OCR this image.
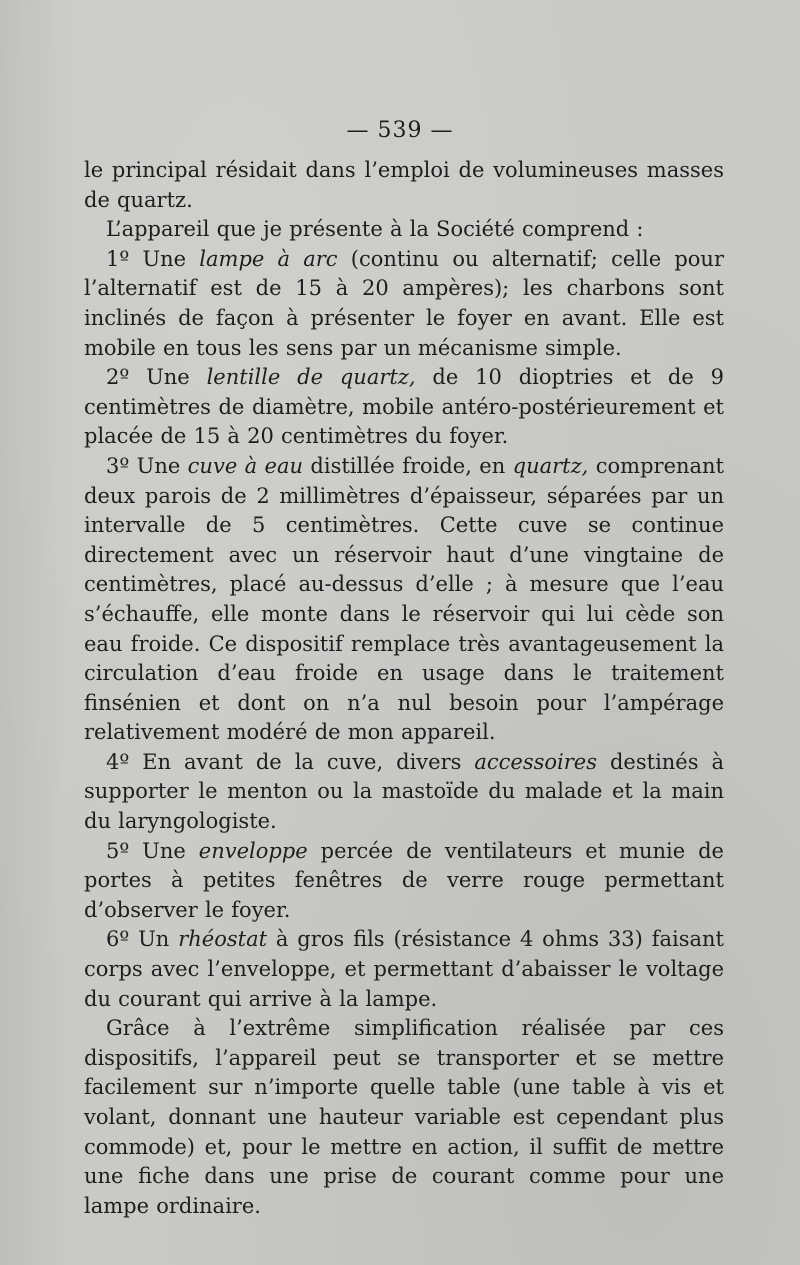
— 539 —

le principal résidait dans l’emploi de volumineuses masses de quartz.

L’appareil que je présente à la Société comprend :

1º Une lampe à arc (continu ou alternatif; celle pour l’alternatif est de 15 à 20 ampères); les charbons sont inclinés de façon à présenter le foyer en avant. Elle est mobile en tous les sens par un mécanisme simple.

2º Une lentille de quartz, de 10 dioptries et de 9 centimètres de diamètre, mobile antéro-postérieurement et placée de 15 à 20 centimètres du foyer.

3º Une cuve à eau distillée froide, en quartz, comprenant deux parois de 2 millimètres d’épaisseur, séparées par un intervalle de 5 centimètres. Cette cuve se continue directement avec un réservoir haut d’une vingtaine de centimètres, placé au-dessus d’elle ; à mesure que l’eau s’échauffe, elle monte dans le réservoir qui lui cède son eau froide. Ce dispositif remplace très avantageusement la circulation d’eau froide en usage dans le traitement finsénien et dont on n’a nul besoin pour l’ampérage relativement modéré de mon appareil.

4º En avant de la cuve, divers accessoires destinés à supporter le menton ou la mastoïde du malade et la main du laryngologiste.

5º Une enveloppe percée de ventilateurs et munie de portes à petites fenêtres de verre rouge permettant d’observer le foyer.

6º Un rhéostat à gros fils (résistance 4 ohms 33) faisant corps avec l’enveloppe, et permettant d’abaisser le voltage du courant qui arrive à la lampe.

Grâce à l’extrême simplification réalisée par ces dispositifs, l’appareil peut se transporter et se mettre facilement sur n’importe quelle table (une table à vis et volant, donnant une hauteur variable est cependant plus commode) et, pour le mettre en action, il suffit de mettre une fiche dans une prise de courant comme pour une lampe ordinaire.
